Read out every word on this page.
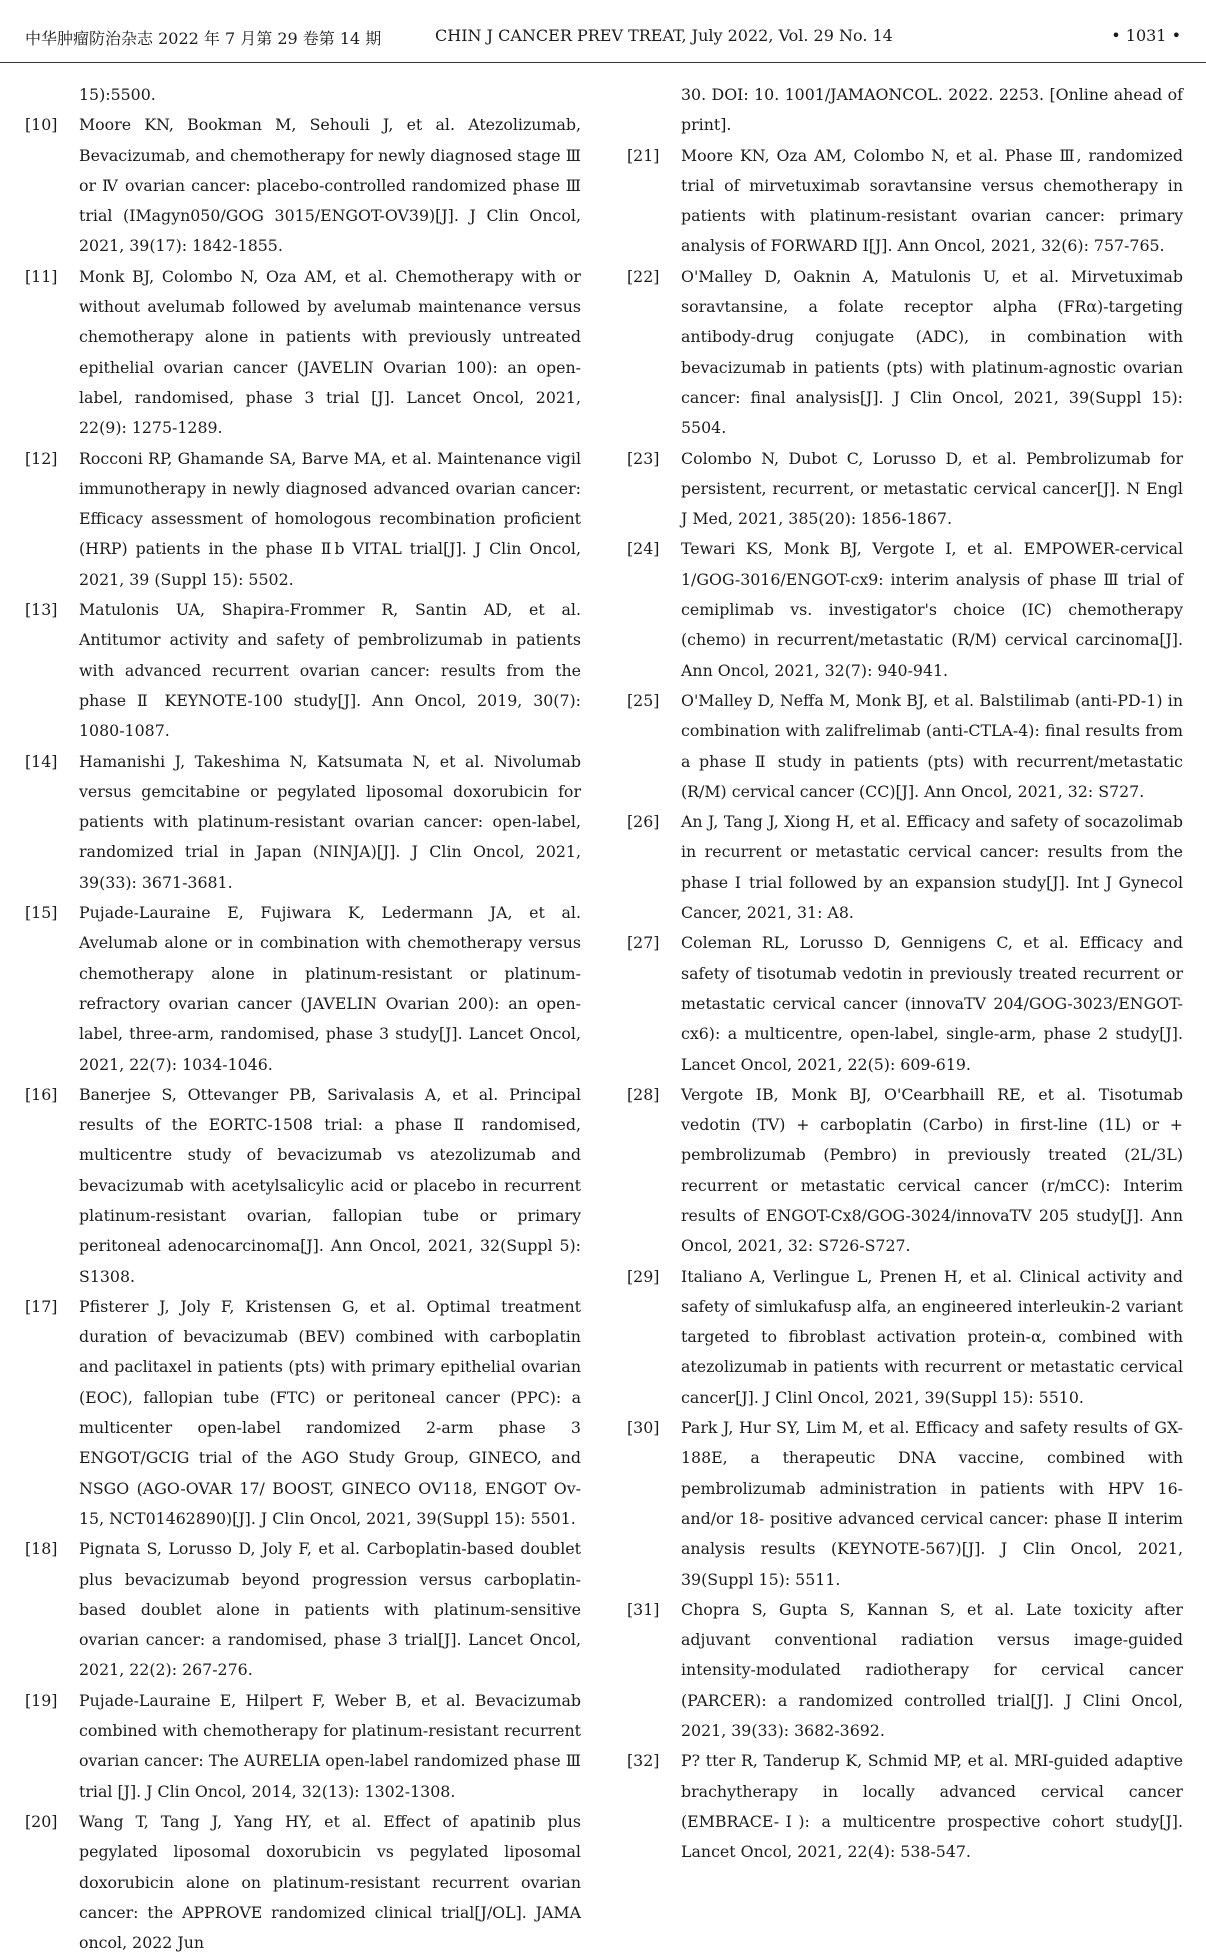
中华肿瘤防治杂志 2022 年 7 月第 29 卷第 14 期	CHIN J CANCER PREV TREAT, July 2022, Vol. 29 No. 14	• 1031 •
15):5500.
[10]	Moore KN, Bookman M, Sehouli J, et al. Atezolizumab, Bevacizumab, and chemotherapy for newly diagnosed stage Ⅲ or Ⅳ ovarian cancer: placebo-controlled randomized phase Ⅲ trial (IMagyn050/GOG 3015/ENGOT-OV39)[J]. J Clin Oncol, 2021, 39(17): 1842-1855.
[11]	Monk BJ, Colombo N, Oza AM, et al. Chemotherapy with or without avelumab followed by avelumab maintenance versus chemotherapy alone in patients with previously untreated epithelial ovarian cancer (JAVELIN Ovarian 100): an open-label, randomised, phase 3 trial [J]. Lancet Oncol, 2021, 22(9): 1275-1289.
[12]	Rocconi RP, Ghamande SA, Barve MA, et al. Maintenance vigil immunotherapy in newly diagnosed advanced ovarian cancer: Efficacy assessment of homologous recombination proficient (HRP) patients in the phase Ⅱb VITAL trial[J]. J Clin Oncol, 2021, 39 (Suppl 15): 5502.
[13]	Matulonis UA, Shapira-Frommer R, Santin AD, et al. Antitumor activity and safety of pembrolizumab in patients with advanced recurrent ovarian cancer: results from the phase Ⅱ KEYNOTE-100 study[J]. Ann Oncol, 2019, 30(7): 1080-1087.
[14]	Hamanishi J, Takeshima N, Katsumata N, et al. Nivolumab versus gemcitabine or pegylated liposomal doxorubicin for patients with platinum-resistant ovarian cancer: open-label, randomized trial in Japan (NINJA)[J]. J Clin Oncol, 2021, 39(33): 3671-3681.
[15]	Pujade-Lauraine E, Fujiwara K, Ledermann JA, et al. Avelumab alone or in combination with chemotherapy versus chemotherapy alone in platinum-resistant or platinum-refractory ovarian cancer (JAVELIN Ovarian 200): an open-label, three-arm, randomised, phase 3 study[J]. Lancet Oncol, 2021, 22(7): 1034-1046.
[16]	Banerjee S, Ottevanger PB, Sarivalasis A, et al. Principal results of the EORTC-1508 trial: a phase Ⅱ randomised, multicentre study of bevacizumab vs atezolizumab and bevacizumab with acetylsalicylic acid or placebo in recurrent platinum-resistant ovarian, fallopian tube or primary peritoneal adenocarcinoma[J]. Ann Oncol, 2021, 32(Suppl 5): S1308.
[17]	Pfisterer J, Joly F, Kristensen G, et al. Optimal treatment duration of bevacizumab (BEV) combined with carboplatin and paclitaxel in patients (pts) with primary epithelial ovarian (EOC), fallopian tube (FTC) or peritoneal cancer (PPC): a multicenter open-label randomized 2-arm phase 3 ENGOT/GCIG trial of the AGO Study Group, GINECO, and NSGO (AGO-OVAR 17/ BOOST, GINECO OV118, ENGOT Ov-15, NCT01462890)[J]. J Clin Oncol, 2021, 39(Suppl 15): 5501.
[18]	Pignata S, Lorusso D, Joly F, et al. Carboplatin-based doublet plus bevacizumab beyond progression versus carboplatin-based doublet alone in patients with platinum-sensitive ovarian cancer: a randomised, phase 3 trial[J]. Lancet Oncol, 2021, 22(2): 267-276.
[19]	Pujade-Lauraine E, Hilpert F, Weber B, et al. Bevacizumab combined with chemotherapy for platinum-resistant recurrent ovarian cancer: The AURELIA open-label randomized phase Ⅲ trial [J]. J Clin Oncol, 2014, 32(13): 1302-1308.
[20]	Wang T, Tang J, Yang HY, et al. Effect of apatinib plus pegylated liposomal doxorubicin vs pegylated liposomal doxorubicin alone on platinum-resistant recurrent ovarian cancer: the APPROVE randomized clinical trial[J/OL]. JAMA oncol, 2022 Jun
30. DOI: 10. 1001/JAMAONCOL. 2022. 2253. [Online ahead of print].
[21]	Moore KN, Oza AM, Colombo N, et al. Phase Ⅲ, randomized trial of mirvetuximab soravtansine versus chemotherapy in patients with platinum-resistant ovarian cancer: primary analysis of FORWARD Ⅰ[J]. Ann Oncol, 2021, 32(6): 757-765.
[22]	O'Malley D, Oaknin A, Matulonis U, et al. Mirvetuximab soravtansine, a folate receptor alpha (FRα)-targeting antibody-drug conjugate (ADC), in combination with bevacizumab in patients (pts) with platinum-agnostic ovarian cancer: final analysis[J]. J Clin Oncol, 2021, 39(Suppl 15): 5504.
[23]	Colombo N, Dubot C, Lorusso D, et al. Pembrolizumab for persistent, recurrent, or metastatic cervical cancer[J]. N Engl J Med, 2021, 385(20): 1856-1867.
[24]	Tewari KS, Monk BJ, Vergote I, et al. EMPOWER-cervical 1/GOG-3016/ENGOT-cx9: interim analysis of phase Ⅲ trial of cemiplimab vs. investigator's choice (IC) chemotherapy (chemo) in recurrent/metastatic (R/M) cervical carcinoma[J]. Ann Oncol, 2021, 32(7): 940-941.
[25]	O'Malley D, Neffa M, Monk BJ, et al. Balstilimab (anti-PD-1) in combination with zalifrelimab (anti-CTLA-4): final results from a phase Ⅱ study in patients (pts) with recurrent/metastatic (R/M) cervical cancer (CC)[J]. Ann Oncol, 2021, 32: S727.
[26]	An J, Tang J, Xiong H, et al. Efficacy and safety of socazolimab in recurrent or metastatic cervical cancer: results from the phase Ⅰ trial followed by an expansion study[J]. Int J Gynecol Cancer, 2021, 31: A8.
[27]	Coleman RL, Lorusso D, Gennigens C, et al. Efficacy and safety of tisotumab vedotin in previously treated recurrent or metastatic cervical cancer (innovaTV 204/GOG-3023/ENGOT-cx6): a multicentre, open-label, single-arm, phase 2 study[J]. Lancet Oncol, 2021, 22(5): 609-619.
[28]	Vergote IB, Monk BJ, O'Cearbhaill RE, et al. Tisotumab vedotin (TV) + carboplatin (Carbo) in first-line (1L) or + pembrolizumab (Pembro) in previously treated (2L/3L) recurrent or metastatic cervical cancer (r/mCC): Interim results of ENGOT-Cx8/GOG-3024/innovaTV 205 study[J]. Ann Oncol, 2021, 32: S726-S727.
[29]	Italiano A, Verlingue L, Prenen H, et al. Clinical activity and safety of simlukafusp alfa, an engineered interleukin-2 variant targeted to fibroblast activation protein-α, combined with atezolizumab in patients with recurrent or metastatic cervical cancer[J]. J Clinl Oncol, 2021, 39(Suppl 15): 5510.
[30]	Park J, Hur SY, Lim M, et al. Efficacy and safety results of GX-188E, a therapeutic DNA vaccine, combined with pembrolizumab administration in patients with HPV 16- and/or 18- positive advanced cervical cancer: phase Ⅱ interim analysis results (KEYNOTE-567)[J]. J Clin Oncol, 2021, 39(Suppl 15): 5511.
[31]	Chopra S, Gupta S, Kannan S, et al. Late toxicity after adjuvant conventional radiation versus image-guided intensity-modulated radiotherapy for cervical cancer (PARCER): a randomized controlled trial[J]. J Clini Oncol, 2021, 39(33): 3682-3692.
[32]	P? tter R, Tanderup K, Schmid MP, et al. MRI-guided adaptive brachytherapy in locally advanced cervical cancer (EMBRACE-Ⅰ): a multicentre prospective cohort study[J]. Lancet Oncol, 2021, 22(4): 538-547.
